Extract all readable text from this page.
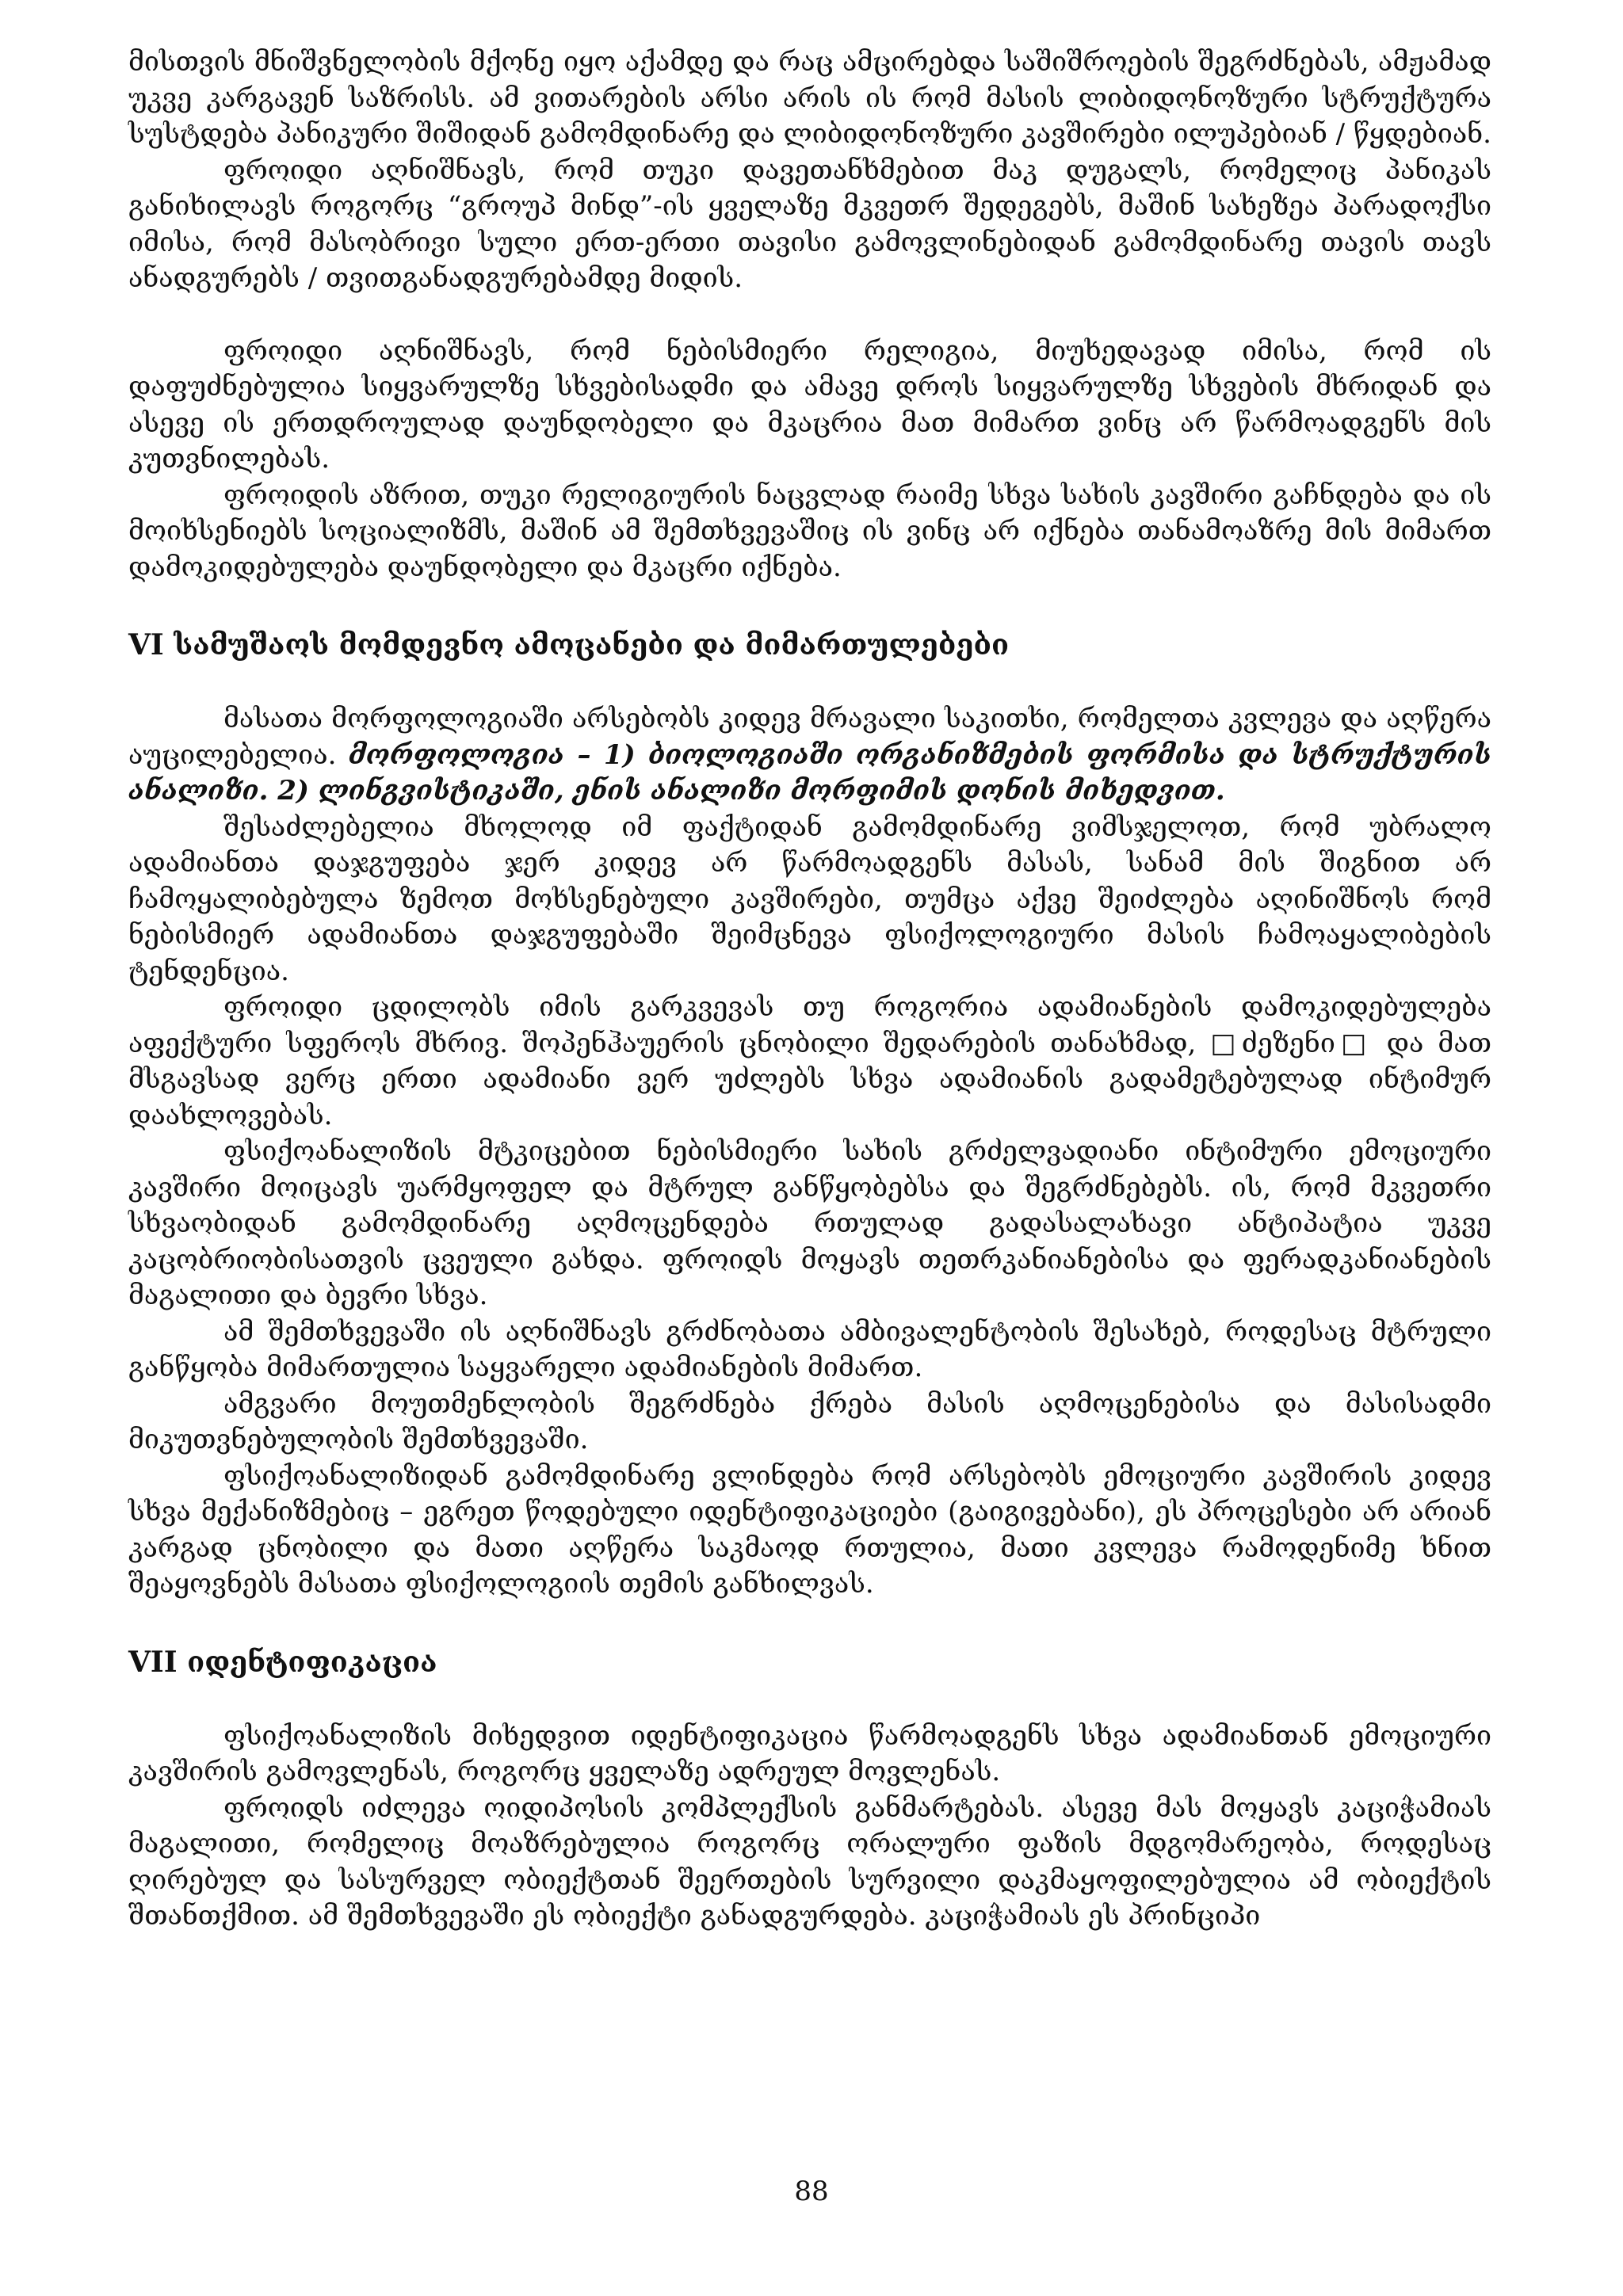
მისთვის მნიშვნელობის მქონე იყო აქამდე და რაც ამცირებდა საშიშროების შეგრძნებას, ამჟამად უკვე კარგავენ საზრისს. ამ ვითარების არსი არის ის რომ მასის ლიბიდონოზური სტრუქტურა სუსტდება პანიკური შიშიდან გამომდინარე და ლიბიდონოზური კავშირები ილუპებიან / წყდებიან.

ფროიდი აღნიშნავს, რომ თუკი დავეთანხმებით მაკ დუგალს, რომელიც პანიკას განიხილავს როგორც “გროუპ მინდ”-ის ყველაზე მკვეთრ შედეგებს, მაშინ სახეზეა პარადოქსი იმისა, რომ მასობრივი სული ერთ-ერთი თავისი გამოვლინებიდან გამომდინარე თავის თავს ანადგურებს / თვითგანადგურებამდე მიდის.

ფროიდი აღნიშნავს, რომ ნებისმიერი რელიგია, მიუხედავად იმისა, რომ ის დაფუძნებულია სიყვარულზე სხვებისადმი და ამავე დროს სიყვარულზე სხვების მხრიდან და ასევე ის ერთდროულად დაუნდობელი და მკაცრია მათ მიმართ ვინც არ წარმოადგენს მის კუთვნილებას.

ფროიდის აზრით, თუკი რელიგიურის ნაცვლად რაიმე სხვა სახის კავშირი გაჩნდება და ის მოიხსენიებს სოციალიზმს, მაშინ ამ შემთხვევაშიც ის ვინც არ იქნება თანამოაზრე მის მიმართ დამოკიდებულება დაუნდობელი და მკაცრი იქნება.

VI სამუშაოს მომდევნო ამოცანები და მიმართულებები

მასათა მორფოლოგიაში არსებობს კიდევ მრავალი საკითხი, რომელთა კვლევა და აღწერა აუცილებელია. მორფოლოგია – 1) ბიოლოგიაში ორგანიზმების ფორმისა და სტრუქტურის ანალიზი. 2) ლინგვისტიკაში, ენის ანალიზი მორფიმის დონის მიხედვით.

შესაძლებელია მხოლოდ იმ ფაქტიდან გამომდინარე ვიმსჯელოთ, რომ უბრალო ადამიანთა დაჯგუფება ჯერ კიდევ არ წარმოადგენს მასას, სანამ მის შიგნით არ ჩამოყალიბებულა ზემოთ მოხსენებული კავშირები, თუმცა აქვე შეიძლება აღინიშნოს რომ ნებისმიერ ადამიანთა დაჯგუფებაში შეიმცნევა ფსიქოლოგიური მასის ჩამოაყალიბების ტენდენცია.

ფროიდი ცდილობს იმის გარკვევას თუ როგორია ადამიანების დამოკიდებულება აფექტური სფეროს მხრივ. შოპენჰაუერის ცნობილი შედარების თანახმად, □ძეზენი□ და მათ მსგავსად ვერც ერთი ადამიანი ვერ უძლებს სხვა ადამიანის გადამეტებულად ინტიმურ დაახლოვებას.

ფსიქოანალიზის მტკიცებით ნებისმიერი სახის გრძელვადიანი ინტიმური ემოციური კავშირი მოიცავს უარმყოფელ და მტრულ განწყობებსა და შეგრძნებებს. ის, რომ მკვეთრი სხვაობიდან გამომდინარე აღმოცენდება რთულად გადასალახავი ანტიპატია უკვე კაცობრიობისათვის ცვეული გახდა. ფროიდს მოყავს თეთრკანიანებისა და ფერადკანიანების მაგალითი და ბევრი სხვა.

ამ შემთხვევაში ის აღნიშნავს გრძნობათა ამბივალენტობის შესახებ, როდესაც მტრული განწყობა მიმართულია საყვარელი ადამიანების მიმართ.

ამგვარი მოუთმენლობის შეგრძნება ქრება მასის აღმოცენებისა და მასისადმი მიკუთვნებულობის შემთხვევაში.

ფსიქოანალიზიდან გამომდინარე ვლინდება რომ არსებობს ემოციური კავშირის კიდევ სხვა მექანიზმებიც – ეგრეთ წოდებული იდენტიფიკაციები (გაიგივებანი), ეს პროცესები არ არიან კარგად ცნობილი და მათი აღწერა საკმაოდ რთულია, მათი კვლევა რამოდენიმე ხნით შეაყოვნებს მასათა ფსიქოლოგიის თემის განხილვას.

VII იდენტიფიკაცია

ფსიქოანალიზის მიხედვით იდენტიფიკაცია წარმოადგენს სხვა ადამიანთან ემოციური კავშირის გამოვლენას, როგორც ყველაზე ადრეულ მოვლენას.

ფროიდს იძლევა ოიდიპოსის კომპლექსის განმარტებას. ასევე მას მოყავს კაციჭამიას მაგალითი, რომელიც მოაზრებულია როგორც ორალური ფაზის მდგომარეობა, როდესაც ღირებულ და სასურველ ობიექტთან შეერთების სურვილი დაკმაყოფილებულია ამ ობიექტის შთანთქმით. ამ შემთხვევაში ეს ობიექტი განადგურდება. კაციჭამიას ეს პრინციპი

88
